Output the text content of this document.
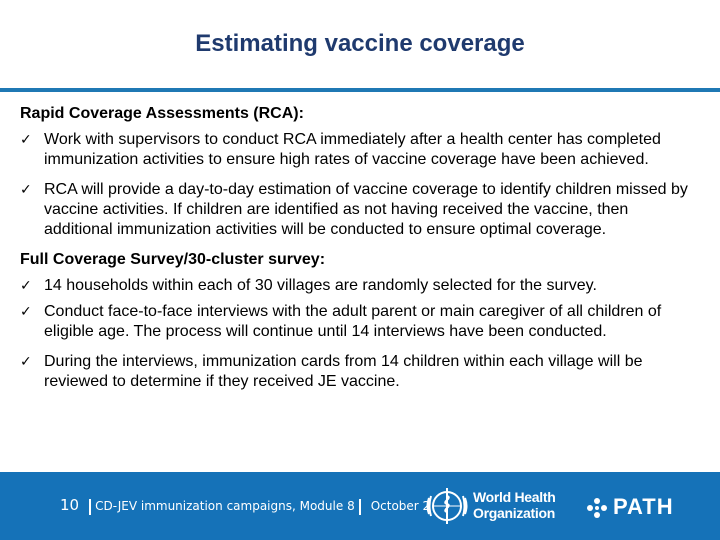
Estimating vaccine coverage
Rapid Coverage Assessments (RCA):
✓ Work with supervisors to conduct RCA immediately after a health center has completed immunization activities to ensure high rates of vaccine coverage have been achieved.
✓ RCA will provide a day-to-day estimation of vaccine coverage to identify children missed by vaccine activities. If children are identified as not having received the vaccine, then additional immunization activities will be conducted to ensure optimal coverage.
Full Coverage Survey/30-cluster survey:
✓ 14 households within each of 30 villages are randomly selected for the survey.
✓ Conduct face-to-face interviews with the adult parent or main caregiver of all children of eligible age. The process will continue until 14 interviews have been conducted.
✓ During the interviews, immunization cards from 14 children within each village will be reviewed to determine if they received JE vaccine.
10 CD-JEV immunization campaigns, Module 8 October 2
World Health
Organization	PATH
